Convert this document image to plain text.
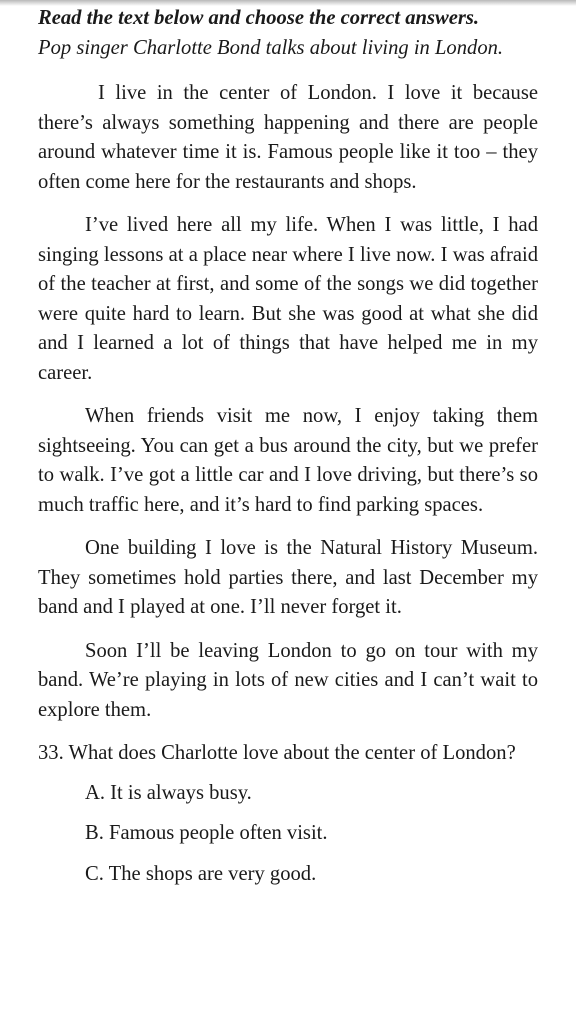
Read the text below and choose the correct answers.

Pop singer Charlotte Bond talks about living in London.

I live in the center of London. I love it because there’s always something happening and there are people around whatever time it is. Famous people like it too – they often come here for the restaurants and shops.

I’ve lived here all my life. When I was little, I had singing lessons at a place near where I live now. I was afraid of the teacher at first, and some of the songs we did together were quite hard to learn. But she was good at what she did and I learned a lot of things that have helped me in my career.

When friends visit me now, I enjoy taking them sightseeing. You can get a bus around the city, but we prefer to walk. I’ve got a little car and I love driving, but there’s so much traffic here, and it’s hard to find parking spaces.

One building I love is the Natural History Museum. They sometimes hold parties there, and last December my band and I played at one. I’ll never forget it.

Soon I’ll be leaving London to go on tour with my band. We’re playing in lots of new cities and I can’t wait to explore them.

33. What does Charlotte love about the center of London?

A. It is always busy.
B. Famous people often visit.
C. The shops are very good.
